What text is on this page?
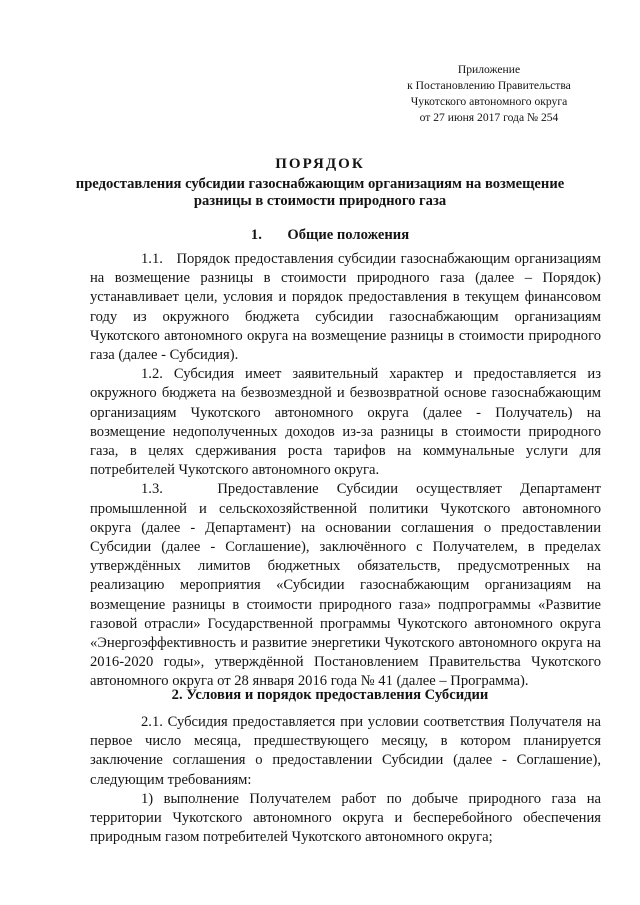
Приложение
к Постановлению Правительства
Чукотского автономного округа
от 27 июня 2017 года № 254
ПОРЯДОК
предоставления субсидии газоснабжающим организациям на возмещение разницы в стоимости природного газа
1.       Общие положения

1.1.   Порядок предоставления субсидии газоснабжающим организациям на возмещение разницы в стоимости природного газа (далее – Порядок) устанавливает цели, условия и порядок предоставления в текущем финансовом году из окружного бюджета субсидии газоснабжающим организациям Чукотского автономного округа на возмещение разницы в стоимости природного газа (далее - Субсидия).

1.2. Субсидия имеет заявительный характер и предоставляется из окружного бюджета на безвозмездной и безвозвратной основе газоснабжающим организациям Чукотского автономного округа (далее - Получатель) на возмещение недополученных доходов из-за разницы в стоимости природного газа, в целях сдерживания роста тарифов на коммунальные услуги для потребителей Чукотского автономного округа.

1.3.   Предоставление Субсидии осуществляет Департамент промышленной и сельскохозяйственной политики Чукотского автономного округа (далее - Департамент) на основании соглашения о предоставлении Субсидии (далее - Соглашение), заключённого с Получателем, в пределах утверждённых лимитов бюджетных обязательств, предусмотренных на реализацию мероприятия «Субсидии газоснабжающим организациям на возмещение разницы в стоимости природного газа» подпрограммы «Развитие газовой отрасли» Государственной программы Чукотского автономного округа «Энергоэффективность и развитие энергетики Чукотского автономного округа на 2016-2020 годы», утверждённой Постановлением Правительства Чукотского автономного округа от 28 января 2016 года № 41 (далее – Программа).

2. Условия и порядок предоставления Субсидии

2.1. Субсидия предоставляется при условии соответствия Получателя на первое число месяца, предшествующего месяцу, в котором планируется заключение соглашения о предоставлении Субсидии (далее - Соглашение), следующим требованиям:

1) выполнение Получателем работ по добыче природного газа на территории Чукотского автономного округа и бесперебойного обеспечения природным газом потребителей Чукотского автономного округа;
